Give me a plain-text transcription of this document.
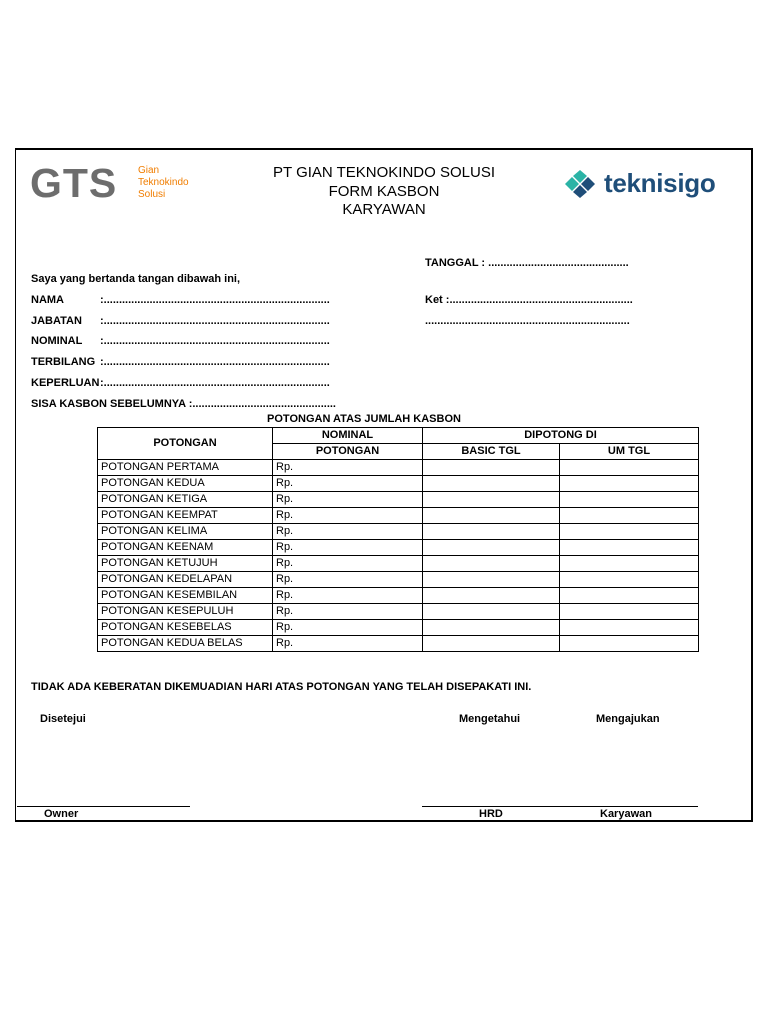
GTS Gian
Teknokindo
Solusi
PT GIAN TEKNOKINDO SOLUSI
FORM KASBON
KARYAWAN
teknisigo
TANGGAL : ..............................................
Saya yang bertanda tangan dibawah ini,
NAMA	:..........................................................................	Ket :............................................................
JABATAN :..........................................................................	...................................................................
NOMINAL :..........................................................................
TERBILANG :..........................................................................
KEPERLUAN :..........................................................................
SISA KASBON SEBELUMNYA :...............................................
POTONGAN ATAS JUMLAH KASBON
POTONGAN	NOMINAL	DIPOTONG DI	
	POTONGAN	BASIC TGL	UM TGL
POTONGAN PERTAMA	Rp.		
POTONGAN KEDUA	Rp.		
POTONGAN KETIGA	Rp.		
POTONGAN KEEMPAT	Rp.		
POTONGAN KELIMA	Rp.		
POTONGAN KEENAM	Rp.		
POTONGAN KETUJUH	Rp.		
POTONGAN KEDELAPAN	Rp.		
POTONGAN KESEMBILAN	Rp.		
POTONGAN KESEPULUH	Rp.		
POTONGAN KESEBELAS	Rp.		
POTONGAN KEDUA BELAS	Rp.		
TIDAK ADA KEBERATAN DIKEMUADIAN HARI ATAS POTONGAN YANG TELAH DISEPAKATI INI.
Disetejui	Mengetahui	Mengajukan
Owner	HRD	Karyawan
